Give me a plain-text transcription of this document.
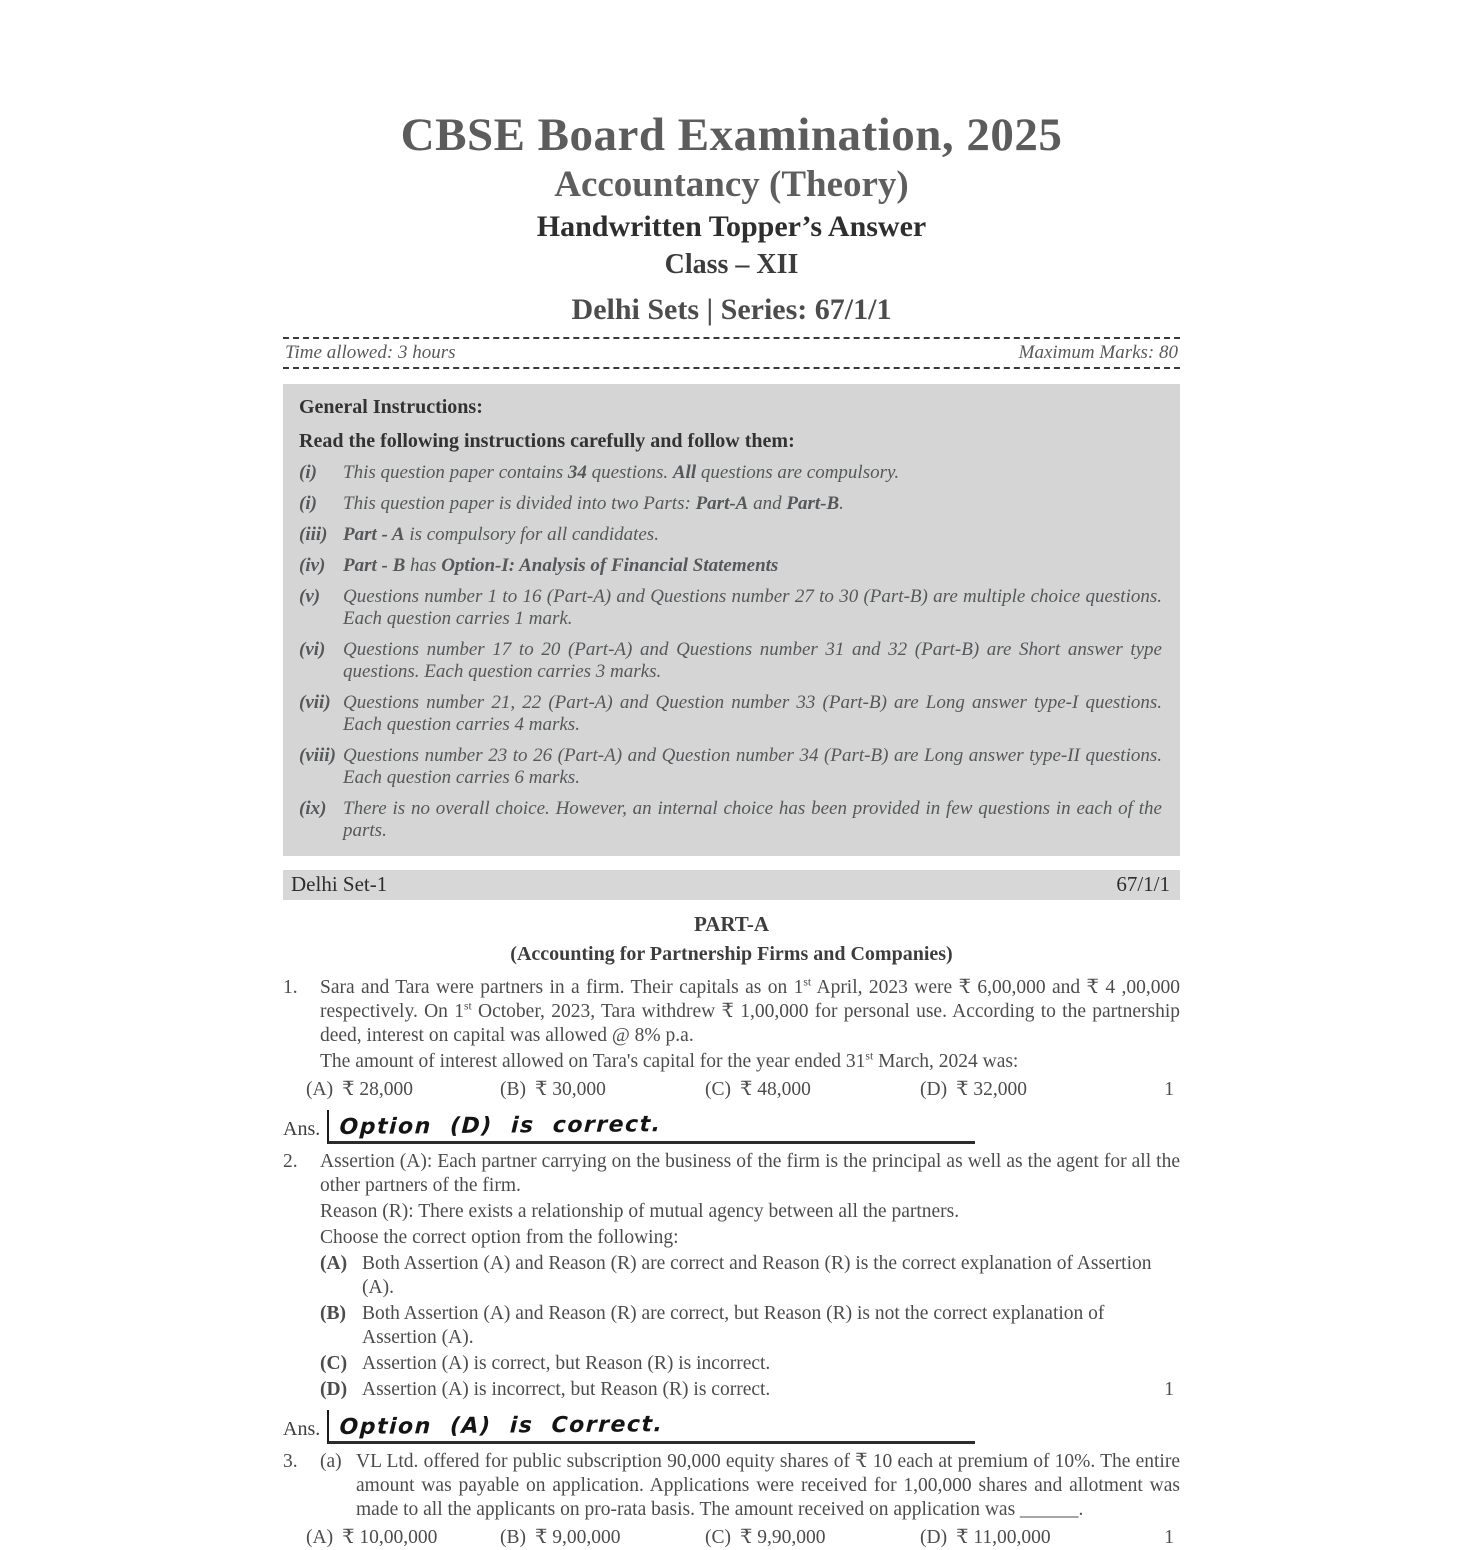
CBSE Board Examination, 2025
Accountancy (Theory)
Handwritten Topper’s Answer
Class – XII
Delhi Sets | Series: 67/1/1
Time allowed: 3 hours	Maximum Marks: 80
General Instructions:
Read the following instructions carefully and follow them:
(i)	This question paper contains 34 questions. All questions are compulsory.
(i)	This question paper is divided into two Parts: Part-A and Part-B.
(iii) Part - A is compulsory for all candidates.
(iv) Part - B has Option-I: Analysis of Financial Statements
(v)	Questions number 1 to 16 (Part-A) and Questions number 27 to 30 (Part-B) are multiple choice questions. Each question carries 1 mark.
(vi) Questions number 17 to 20 (Part-A) and Questions number 31 and 32 (Part-B) are Short answer type questions. Each question carries 3 marks.
(vii) Questions number 21, 22 (Part-A) and Question number 33 (Part-B) are Long answer type-I questions. Each question carries 4 marks.
(viii) Questions number 23 to 26 (Part-A) and Question number 34 (Part-B) are Long answer type-II questions. Each question carries 6 marks.
(ix) There is no overall choice. However, an internal choice has been provided in few questions in each of the parts.
Delhi Set-1	67/1/1
PART-A
(Accounting for Partnership Firms and Companies)
1.	Sara and Tara were partners in a firm. Their capitals as on 1st April, 2023 were ₹ 6,00,000 and ₹ 4 ,00,000 respectively. On 1st October, 2023, Tara withdrew ₹ 1,00,000 for personal use. According to the partnership deed, interest on capital was allowed @ 8% p.a.

The amount of interest allowed on Tara's capital for the year ended 31st March, 2024 was:

(A) ₹ 28,000	(B) ₹ 30,000	(C) ₹ 48,000	(D) ₹ 32,000	1
Ans. Option (D) is correct.
2.	Assertion (A): Each partner carrying on the business of the firm is the principal as well as the agent for all the other partners of the firm.

Reason (R): There exists a relationship of mutual agency between all the partners.

Choose the correct option from the following:

(A) Both Assertion (A) and Reason (R) are correct and Reason (R) is the correct explanation of Assertion (A).
(B) Both Assertion (A) and Reason (R) are correct, but Reason (R) is not the correct explanation of Assertion (A).
(C) Assertion (A) is correct, but Reason (R) is incorrect.
(D) Assertion (A) is incorrect, but Reason (R) is correct.	1
Ans. Option (A) is Correct.
3.	(a) VL Ltd. offered for public subscription 90,000 equity shares of ₹ 10 each at premium of 10%. The entire amount was payable on application. Applications were received for 1,00,000 shares and allotment was made to all the applicants on pro-rata basis. The amount received on application was ______.
(A) ₹ 10,00,000	(B) ₹ 9,00,000	(C) ₹ 9,90,000	(D) ₹ 11,00,000	1
